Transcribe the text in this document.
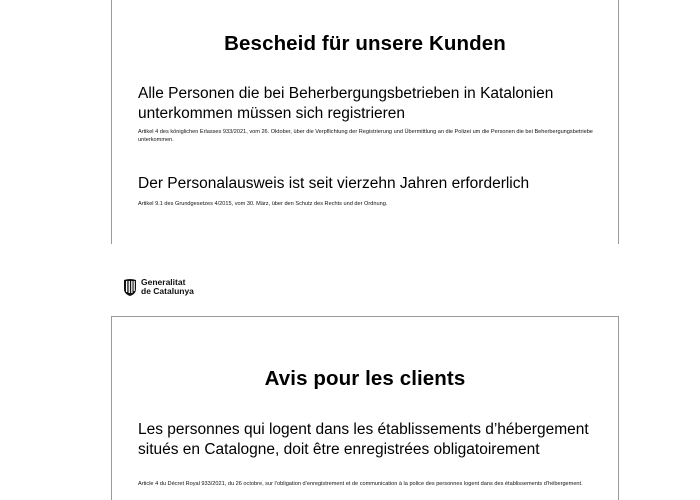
Bescheid für unsere Kunden
Alle Personen die bei Beherbergungsbetrieben in Katalonien unterkommen müssen sich registrieren
Artikel 4 des königlichen Erlasses 933/2021, vom 26. Oktober, über die Verpflichtung der Registrierung und Übermittlung an die Polizei um die Personen die bei Beherbergungsbetriebe unterkommen.
Der Personalausweis ist seit vierzehn Jahren erforderlich
Artikel 9.1 des Grundgesetzes 4/2015, vom 30. März, über den Schutz des Rechts und der Ordnung.
Generalitat
de Catalunya
Avis pour les clients
Les personnes qui logent dans les établissements d’hébergement situés en Catalogne, doit être enregistrées obligatoirement
Article 4 du Décret Royal 933/2021, du 26 octobre, sur l’obligation d’enregistrement et de communication à la police des personnes logent dans des établissements d’hébergement.
